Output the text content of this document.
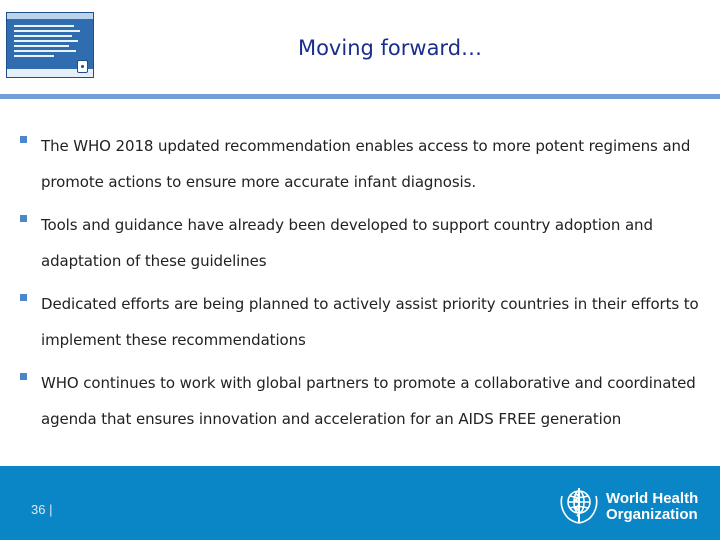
Moving forward…
The WHO 2018 updated recommendation enables access to more potent regimens and promote actions to ensure more accurate infant diagnosis.
Tools and guidance have already been developed to support country adoption and adaptation of these guidelines
Dedicated efforts are being planned to actively assist priority countries in their efforts to implement these recommendations
WHO continues to work with global partners to promote a collaborative and coordinated agenda that ensures innovation and acceleration for an AIDS FREE generation
36 |
World Health
Organization
